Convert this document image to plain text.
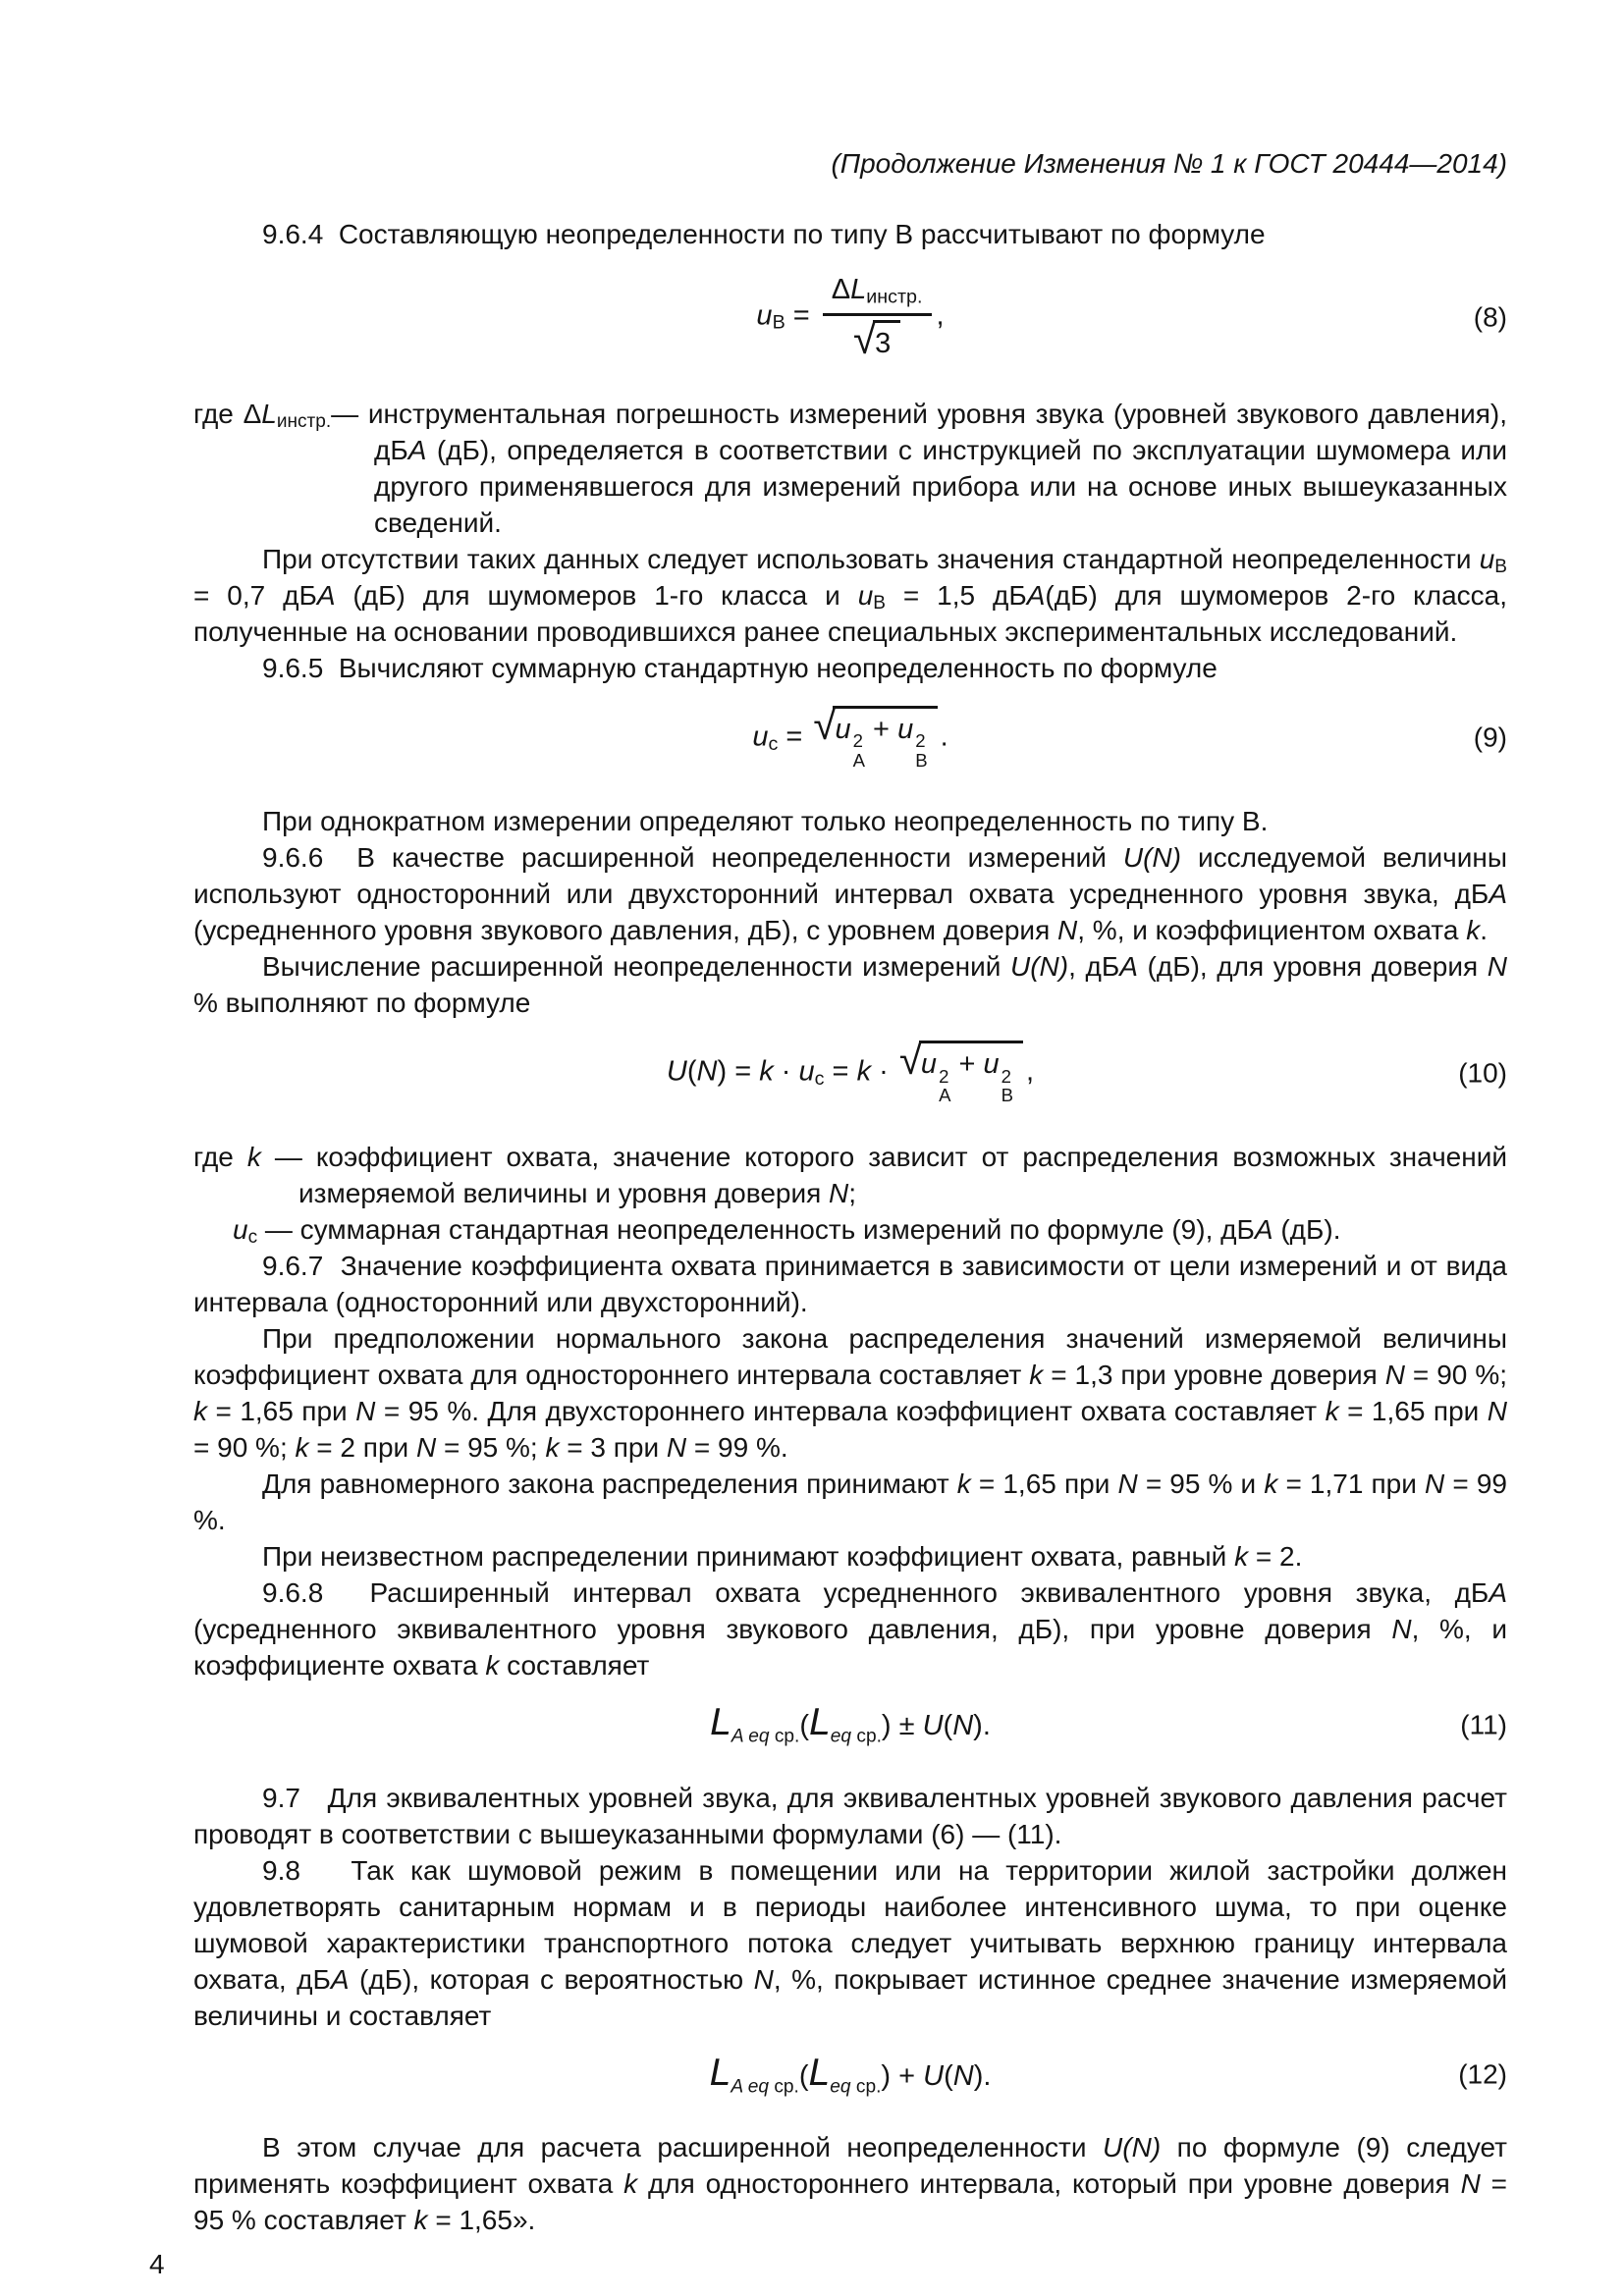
(Продолжение Изменения № 1 к ГОСТ 20444—2014)
9.6.4  Составляющую неопределенности по типу В рассчитывают по формуле
$u_В = \frac{\Delta L_{инстр.}}{√ 3}$ ,	(8)
где $\Delta L_{инстр.}—$ инструментальная погрешность измерений уровня звука (уровней звукового давления), дБА (дБ), определяется в соответствии с инструкцией по эксплуатации шумомера или другого применявшегося для измерений прибора или на основе иных вышеуказанных сведений.
При отсутствии таких данных следует использовать значения стандартной неопределенности $u_В = 0,7$ дБА (дБ) для шумомеров 1-го класса и $u_В = 1,5$ дБА(дБ) для шумомеров 2-го класса, полученные на основании проводившихся ранее специальных экспериментальных исследований.
9.6.5  Вычисляют суммарную стандартную неопределенность по формуле
$u_с$ = √ u 2
А
+ u 2
В
.	(9)
При однократном измерении определяют только неопределенность по типу В.
9.6.6  В качестве расширенной неопределенности измерений U(N) исследуемой величины используют односторонний или двухсторонний интервал охвата усредненного уровня звука, дБА (усредненного уровня звукового давления, дБ), с уровнем доверия N, %, и коэффициентом охвата k.
Вычисление расширенной неопределенности измерений U(N), дБА (дБ), для уровня доверия N % выполняют по формуле
$U(N) = k \cdot u_с = k$ · √ u 2
А
+ u 2
В
,	(10)
где k — коэффициент охвата, значение которого зависит от распределения возможных значений измеряемой величины и уровня доверия N;
$u_с$ — суммарная стандартная неопределенность измерений по формуле (9), дБА (дБ).
9.6.7  Значение коэффициента охвата принимается в зависимости от цели измерений и от вида интервала (односторонний или двухсторонний).
При предположении нормального закона распределения значений измеряемой величины коэффициент охвата для одностороннего интервала составляет k = 1,3 при уровне доверия N = 90 %; k = 1,65 при N = 95 %. Для двухстороннего интервала коэффициент охвата составляет k = 1,65 при N = 90 %; k = 2 при N = 95 %; k = 3 при N = 99 %.
Для равномерного закона распределения принимают k = 1,65 при N = 95 % и k = 1,71 при N = 99 %.
При неизвестном распределении принимают коэффициент охвата, равный k = 2.
9.6.8  Расширенный интервал охвата усредненного эквивалентного уровня звука, дБА (усредненного эквивалентного уровня звукового давления, дБ), при уровне доверия N, %, и коэффициенте охвата k составляет
$L_{A eq ср.}(L_{eq ср.}) \pm U(N)$.	(11)
9.7   Для эквивалентных уровней звука, для эквивалентных уровней звукового давления расчет проводят в соответствии с вышеуказанными формулами (6) — (11).
9.8   Так как шумовой режим в помещении или на территории жилой застройки должен удовлетворять санитарным нормам и в периоды наиболее интенсивного шума, то при оценке шумовой характеристики транспортного потока следует учитывать верхнюю границу интервала охвата, дБА (дБ), которая с вероятностью N, %, покрывает истинное среднее значение измеряемой величины и составляет
$L_{A eq ср.}(L_{eq ср.}) + U(N)$.	(12)
В этом случае для расчета расширенной неопределенности U(N) по формуле (9) следует применять коэффициент охвата k для одностороннего интервала, который при уровне доверия N = 95 % составляет k = 1,65».
4
